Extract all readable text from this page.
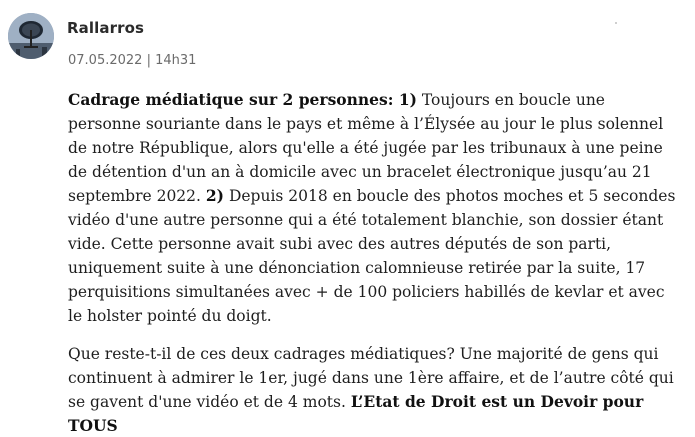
Rallarros
07.05.2022 | 14h31

Cadrage médiatique sur 2 personnes: 1) Toujours en boucle une personne souriante dans le pays et même à l’Élysée au jour le plus solennel de notre République, alors qu'elle a été jugée par les tribunaux à une peine de détention d'un an à domicile avec un bracelet électronique jusqu’au 21 septembre 2022. 2) Depuis 2018 en boucle des photos moches et 5 secondes vidéo d'une autre personne qui a été totalement blanchie, son dossier étant vide. Cette personne avait subi avec des autres députés de son parti, uniquement suite à une dénonciation calomnieuse retirée par la suite, 17 perquisitions simultanées avec + de 100 policiers habillés de kevlar et avec le holster pointé du doigt.

Que reste-t-il de ces deux cadrages médiatiques? Une majorité de gens qui continuent à admirer le 1er, jugé dans une 1ère affaire, et de l’autre côté qui se gavent d'une vidéo et de 4 mots. L’Etat de Droit est un Devoir pour TOUS
